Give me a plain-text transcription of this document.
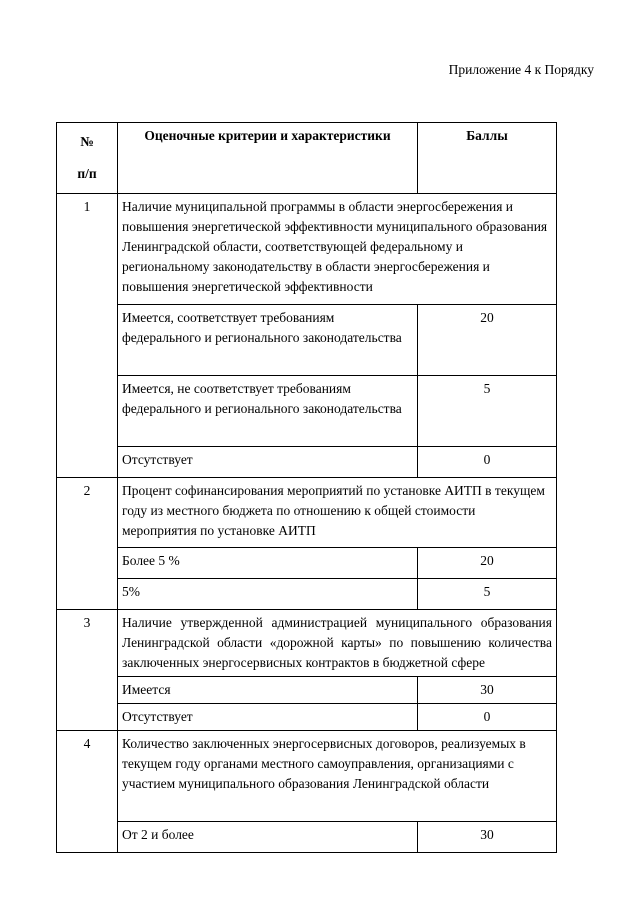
Приложение 4 к Порядку
№
п/п	Оценочные критерии и характеристики	Баллы
1	Наличие муниципальной программы в области энергосбережения и повышения энергетической эффективности муниципального образования Ленинградской области, соответствующей федеральному и региональному законодательству в области энергосбережения и повышения энергетической эффективности	
	Имеется, соответствует требованиям федерального и регионального законодательства	20
	Имеется, не соответствует требованиям федерального и регионального законодательства	5
	Отсутствует	0
2	Процент софинансирования мероприятий по установке АИТП в текущем году из местного бюджета по отношению к общей стоимости мероприятия по установке АИТП	
	Более 5 %	20
	5%	5
3	Наличие утвержденной администрацией муниципального образования Ленинградской области «дорожной карты» по повышению количества заключенных энергосервисных контрактов в бюджетной сфере	
	Имеется	30
	Отсутствует	0
4	Количество заключенных энергосервисных договоров, реализуемых в текущем году органами местного самоуправления, организациями с участием муниципального образования Ленинградской области	
	От 2 и более	30
